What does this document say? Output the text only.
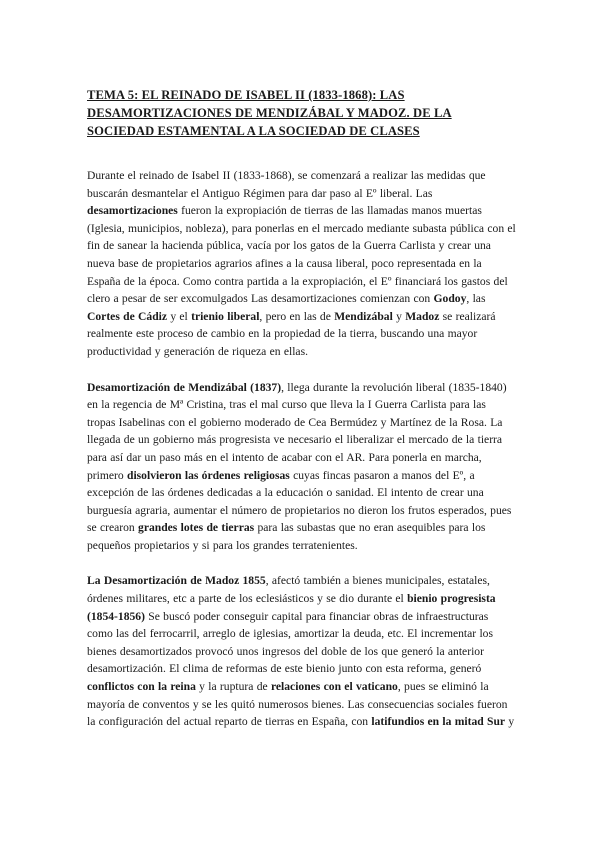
TEMA 5: EL REINADO DE ISABEL II (1833-1868): LAS DESAMORTIZACIONES DE MENDIZÁBAL Y MADOZ. DE LA SOCIEDAD ESTAMENTAL A LA SOCIEDAD DE CLASES

Durante el reinado de Isabel II (1833-1868), se comenzará a realizar las medidas que buscarán desmantelar el Antiguo Régimen para dar paso al Eº liberal. Las desamortizaciones fueron la expropiación de tierras de las llamadas manos muertas (Iglesia, municipios, nobleza), para ponerlas en el mercado mediante subasta pública con el fin de sanear la hacienda pública, vacía por los gatos de la Guerra Carlista y crear una nueva base de propietarios agrarios afines a la causa liberal, poco representada en la España de la época. Como contra partida a la expropiación, el Eº financiará los gastos del clero a pesar de ser excomulgados Las desamortizaciones comienzan con Godoy, las Cortes de Cádiz y el trienio liberal, pero en las de Mendizábal y Madoz se realizará realmente este proceso de cambio en la propiedad de la tierra, buscando una mayor productividad y generación de riqueza en ellas.

Desamortización de Mendizábal (1837), llega durante la revolución liberal (1835-1840) en la regencia de Mª Cristina, tras el mal curso que lleva la I Guerra Carlista para las tropas Isabelinas con el gobierno moderado de Cea Bermúdez y Martínez de la Rosa. La llegada de un gobierno más progresista ve necesario el liberalizar el mercado de la tierra para así dar un paso más en el intento de acabar con el AR. Para ponerla en marcha, primero disolvieron las órdenes religiosas cuyas fincas pasaron a manos del Eº, a excepción de las órdenes dedicadas a la educación o sanidad. El intento de crear una burguesía agraria, aumentar el número de propietarios no dieron los frutos esperados, pues se crearon grandes lotes de tierras para las subastas que no eran asequibles para los pequeños propietarios y si para los grandes terratenientes.

La Desamortización de Madoz 1855, afectó también a bienes municipales, estatales, órdenes militares, etc a parte de los eclesiásticos y se dio durante el bienio progresista (1854-1856) Se buscó poder conseguir capital para financiar obras de infraestructuras como las del ferrocarril, arreglo de iglesias, amortizar la deuda, etc. El incrementar los bienes desamortizados provocó unos ingresos del doble de los que generó la anterior desamortización. El clima de reformas de este bienio junto con esta reforma, generó conflictos con la reina y la ruptura de relaciones con el vaticano, pues se eliminó la mayoría de conventos y se les quitó numerosos bienes. Las consecuencias sociales fueron la configuración del actual reparto de tierras en España, con latifundios en la mitad Sur y
